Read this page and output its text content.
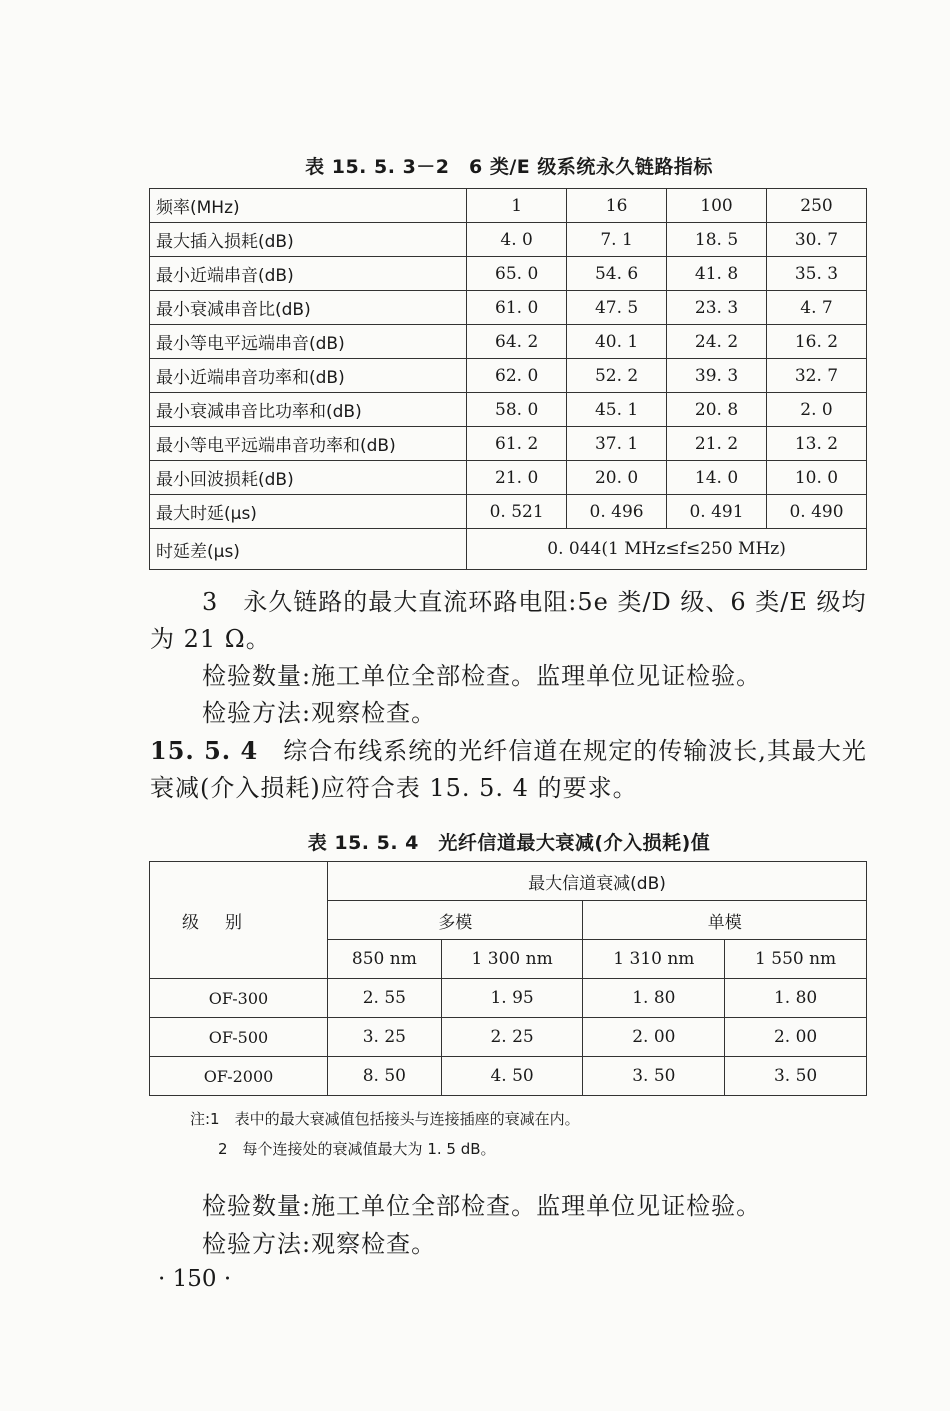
表 15. 5. 3－2　6 类/E 级系统永久链路指标
频率(MHz)	1	16	100	250
最大插入损耗(dB)	4. 0	7. 1	18. 5	30. 7
最小近端串音(dB)	65. 0	54. 6	41. 8	35. 3
最小衰减串音比(dB)	61. 0	47. 5	23. 3	4. 7
最小等电平远端串音(dB)	64. 2	40. 1	24. 2	16. 2
最小近端串音功率和(dB)	62. 0	52. 2	39. 3	32. 7
最小衰减串音比功率和(dB)	58. 0	45. 1	20. 8	2. 0
最小等电平远端串音功率和(dB)	61. 2	37. 1	21. 2	13. 2
最小回波损耗(dB)	21. 0	20. 0	14. 0	10. 0
最大时延(μs)	0. 521	0. 496	0. 491	0. 490
时延差(μs)	0. 044(1 MHz≤f≤250 MHz)			
3　永久链路的最大直流环路电阻:5e 类/D 级、6 类/E 级均
为 21 Ω。
检验数量:施工单位全部检查。监理单位见证检验。
检验方法:观察检查。
15. 5. 4　综合布线系统的光纤信道在规定的传输波长,其最大光
衰减(介入损耗)应符合表 15. 5. 4 的要求。
表 15. 5. 4　光纤信道最大衰减(介入损耗)值
级别	最大信道衰减(dB)			
	多模		单模	
	850 nm	1 300 nm	1 310 nm	1 550 nm
OF-300	2. 55	1. 95	1. 80	1. 80
OF-500	3. 25	2. 25	2. 00	2. 00
OF-2000	8. 50	4. 50	3. 50	3. 50
注:1　表中的最大衰减值包括接头与连接插座的衰减在内。
2　每个连接处的衰减值最大为 1. 5 dB。
检验数量:施工单位全部检查。监理单位见证检验。
检验方法:观察检查。
· 150 ·
